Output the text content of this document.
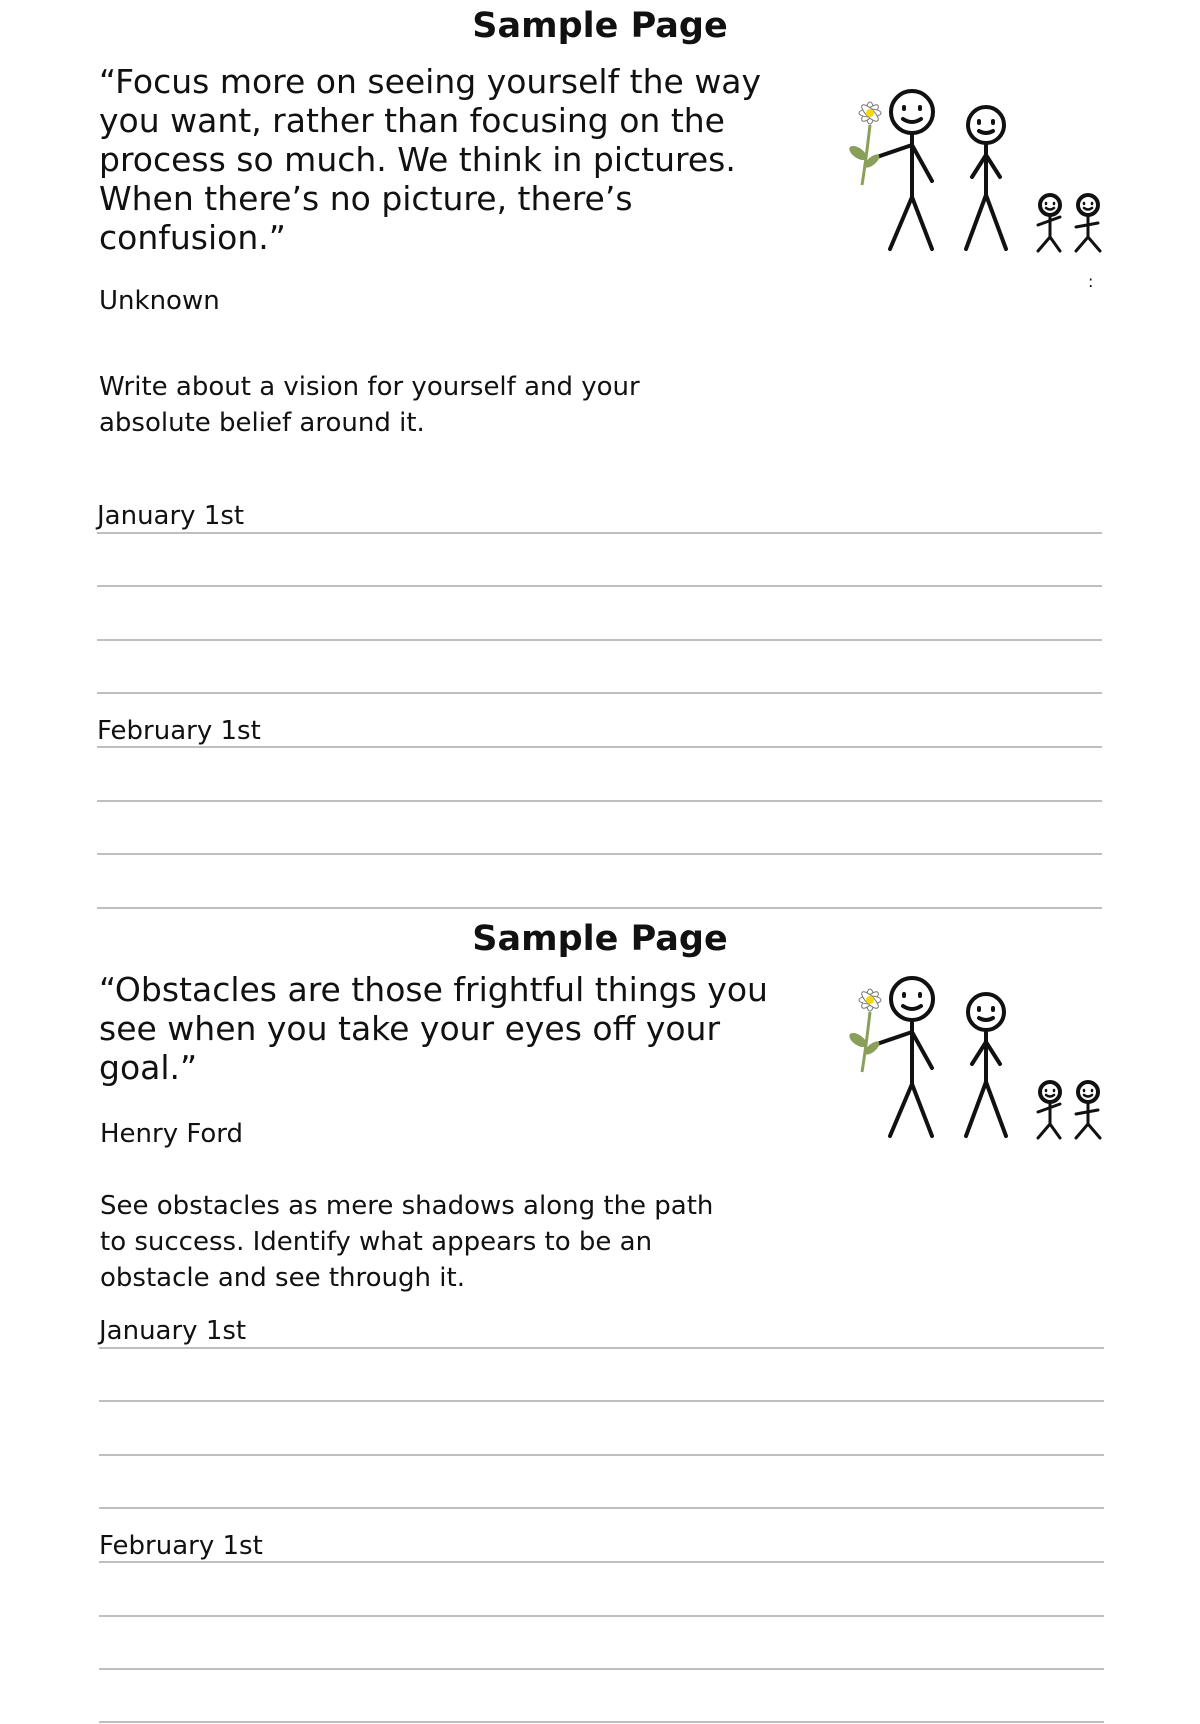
Sample Page
“Focus more on seeing yourself the way you want, rather than focusing on the process so much. We think in pictures. When there’s no picture, there’s confusion.”
Unknown
Write about a vision for yourself and your absolute belief around it.
:
January 1st
February 1st
Sample Page
“Obstacles are those frightful things you see when you take your eyes off your goal.”
Henry Ford
See obstacles as mere shadows along the path to success. Identify what appears to be an obstacle and see through it.
January 1st
February 1st
